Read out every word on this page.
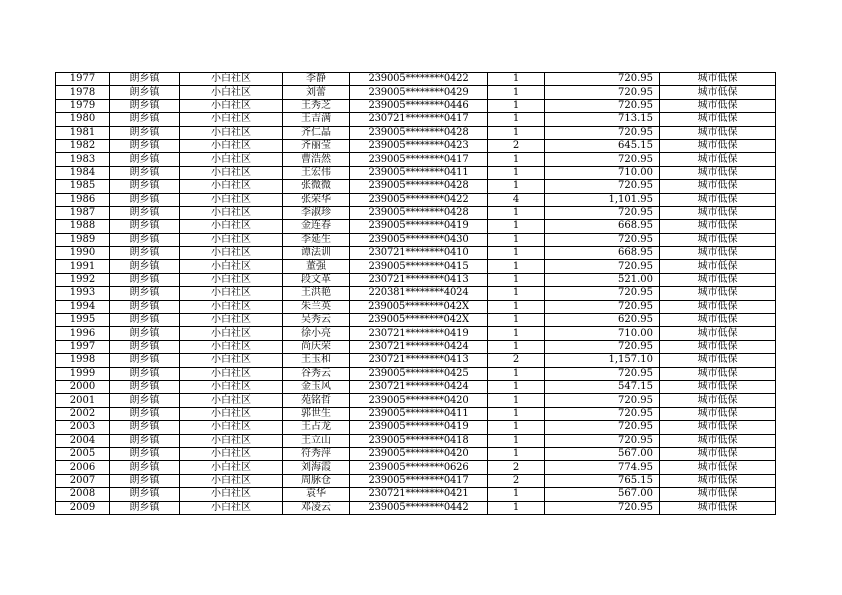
1977	朗乡镇	小白社区	李静	239005********0422	1	720.95	城市低保
1978	朗乡镇	小白社区	刘蕾	239005********0429	1	720.95	城市低保
1979	朗乡镇	小白社区	王秀芝	239005********0446	1	720.95	城市低保
1980	朗乡镇	小白社区	王吉满	230721********0417	1	713.15	城市低保
1981	朗乡镇	小白社区	齐仁晶	239005********0428	1	720.95	城市低保
1982	朗乡镇	小白社区	齐丽莹	239005********0423	2	645.15	城市低保
1983	朗乡镇	小白社区	曹浩然	239005********0417	1	720.95	城市低保
1984	朗乡镇	小白社区	王宏伟	239005********0411	1	710.00	城市低保
1985	朗乡镇	小白社区	张微微	239005********0428	1	720.95	城市低保
1986	朗乡镇	小白社区	张荣华	239005********0422	4	1,101.95	城市低保
1987	朗乡镇	小白社区	李淑珍	239005********0428	1	720.95	城市低保
1988	朗乡镇	小白社区	金连春	239005********0419	1	668.95	城市低保
1989	朗乡镇	小白社区	李延生	239005********0430	1	720.95	城市低保
1990	朗乡镇	小白社区	谭法训	230721********0410	1	668.95	城市低保
1991	朗乡镇	小白社区	董强	239005********0415	1	720.95	城市低保
1992	朗乡镇	小白社区	段文革	230721********0413	1	521.00	城市低保
1993	朗乡镇	小白社区	王洪艳	220381********4024	1	720.95	城市低保
1994	朗乡镇	小白社区	朱兰英	239005********042X	1	720.95	城市低保
1995	朗乡镇	小白社区	吴秀云	239005********042X	1	620.95	城市低保
1996	朗乡镇	小白社区	徐小亮	230721********0419	1	710.00	城市低保
1997	朗乡镇	小白社区	尚庆荣	230721********0424	1	720.95	城市低保
1998	朗乡镇	小白社区	王玉和	230721********0413	2	1,157.10	城市低保
1999	朗乡镇	小白社区	谷秀云	239005********0425	1	720.95	城市低保
2000	朗乡镇	小白社区	金玉风	230721********0424	1	547.15	城市低保
2001	朗乡镇	小白社区	苑铭哲	239005********0420	1	720.95	城市低保
2002	朗乡镇	小白社区	郭世生	239005********0411	1	720.95	城市低保
2003	朗乡镇	小白社区	王占龙	239005********0419	1	720.95	城市低保
2004	朗乡镇	小白社区	王立山	239005********0418	1	720.95	城市低保
2005	朗乡镇	小白社区	符秀萍	239005********0420	1	567.00	城市低保
2006	朗乡镇	小白社区	刘海霞	239005********0626	2	774.95	城市低保
2007	朗乡镇	小白社区	周脉仓	239005********0417	2	765.15	城市低保
2008	朗乡镇	小白社区	袁华	230721********0421	1	567.00	城市低保
2009	朗乡镇	小白社区	邓凌云	239005********0442	1	720.95	城市低保
